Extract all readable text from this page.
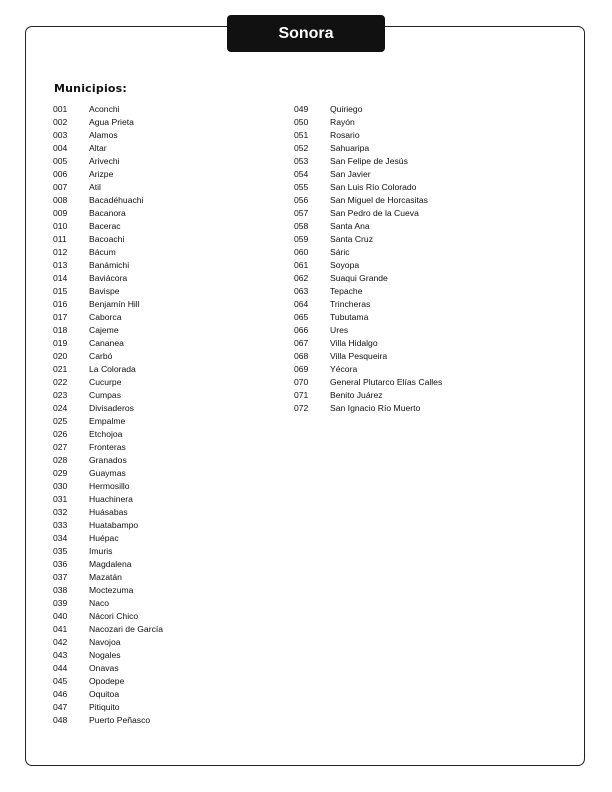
Sonora
Municipios:
001	Aconchi
002	Agua Prieta
003	Alamos
004	Altar
005	Arivechi
006	Arizpe
007	Atil
008	Bacadéhuachi
009	Bacanora
010	Bacerac
011	Bacoachi
012	Bácum
013	Banámichi
014	Baviácora
015	Bavispe
016	Benjamín Hill
017	Caborca
018	Cajeme
019	Cananea
020	Carbó
021	La Colorada
022	Cucurpe
023	Cumpas
024	Divisaderos
025	Empalme
026	Etchojoa
027	Fronteras
028	Granados
029	Guaymas
030	Hermosillo
031	Huachinera
032	Huásabas
033	Huatabampo
034	Huépac
035	Imuris
036	Magdalena
037	Mazatán
038	Moctezuma
039	Naco
040	Nácori Chico
041	Nacozari de García
042	Navojoa
043	Nogales
044	Onavas
045	Opodepe
046	Oquitoa
047	Pitiquito
048	Puerto Peñasco
049	Quiriego
050	Rayón
051	Rosario
052	Sahuaripa
053	San Felipe de Jesús
054	San Javier
055	San Luis Río Colorado
056	San Miguel de Horcasitas
057	San Pedro de la Cueva
058	Santa Ana
059	Santa Cruz
060	Sáric
061	Soyopa
062	Suaqui Grande
063	Tepache
064	Trincheras
065	Tubutama
066	Ures
067	Villa Hidalgo
068	Villa Pesqueira
069	Yécora
070	General Plutarco Elías Calles
071	Benito Juárez
072	San Ignacio Río Muerto
